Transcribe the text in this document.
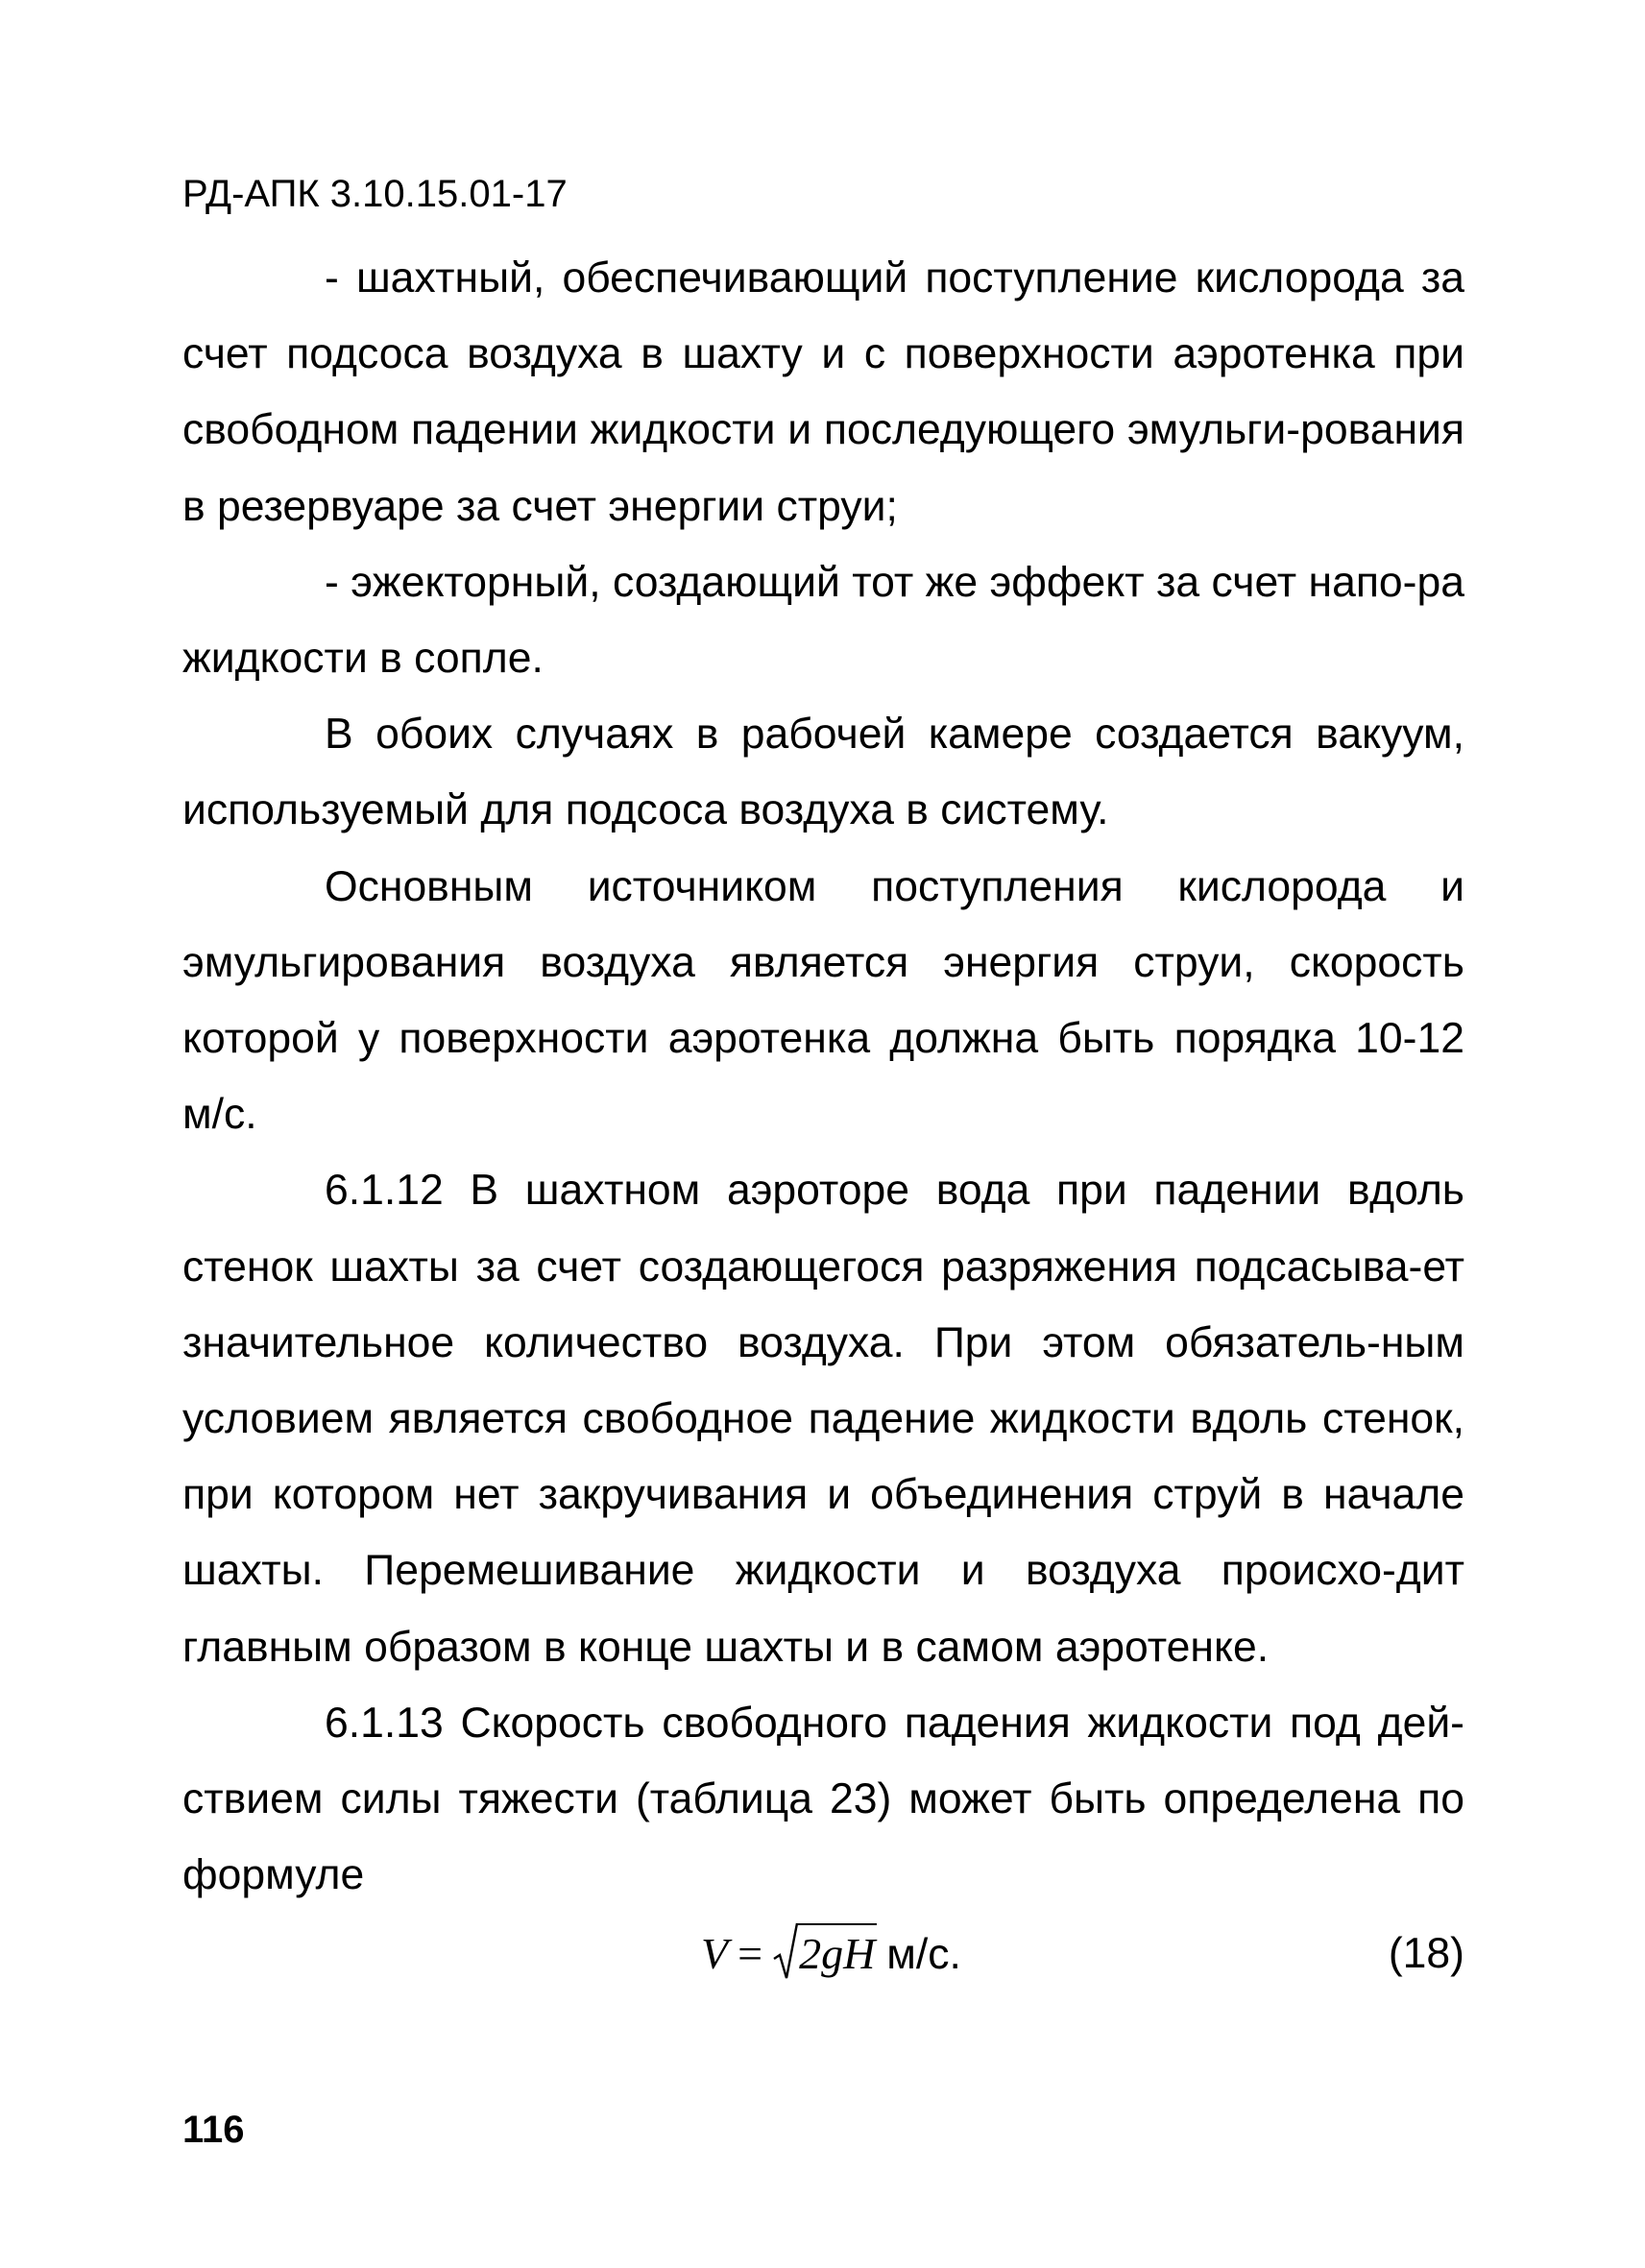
РД-АПК 3.10.15.01-17

- шахтный, обеспечивающий поступление кислорода за счет подсоса воздуха в шахту и с поверхности аэротенка при свободном падении жидкости и последующего эмульги-рования в резервуаре за счет энергии струи;

- эжекторный, создающий тот же эффект за счет напо-ра жидкости в сопле.

В обоих случаях в рабочей камере создается вакуум, используемый для подсоса воздуха в систему.

Основным источником поступления кислорода и эмульгирования воздуха является энергия струи, скорость которой у поверхности аэротенка должна быть порядка 10-12 м/с.

6.1.12 В шахтном аэроторе вода при падении вдоль стенок шахты за счет создающегося разряжения подсасыва-ет значительное количество воздуха. При этом обязатель-ным условием является свободное падение жидкости вдоль стенок, при котором нет закручивания и объединения струй в начале шахты. Перемешивание жидкости и воздуха происхо-дит главным образом в конце шахты и в самом аэротенке.

6.1.13 Скорость свободного падения жидкости под дей-ствием силы тяжести (таблица 23) может быть определена по формуле

V = 2gH м/с.	(18)
116
